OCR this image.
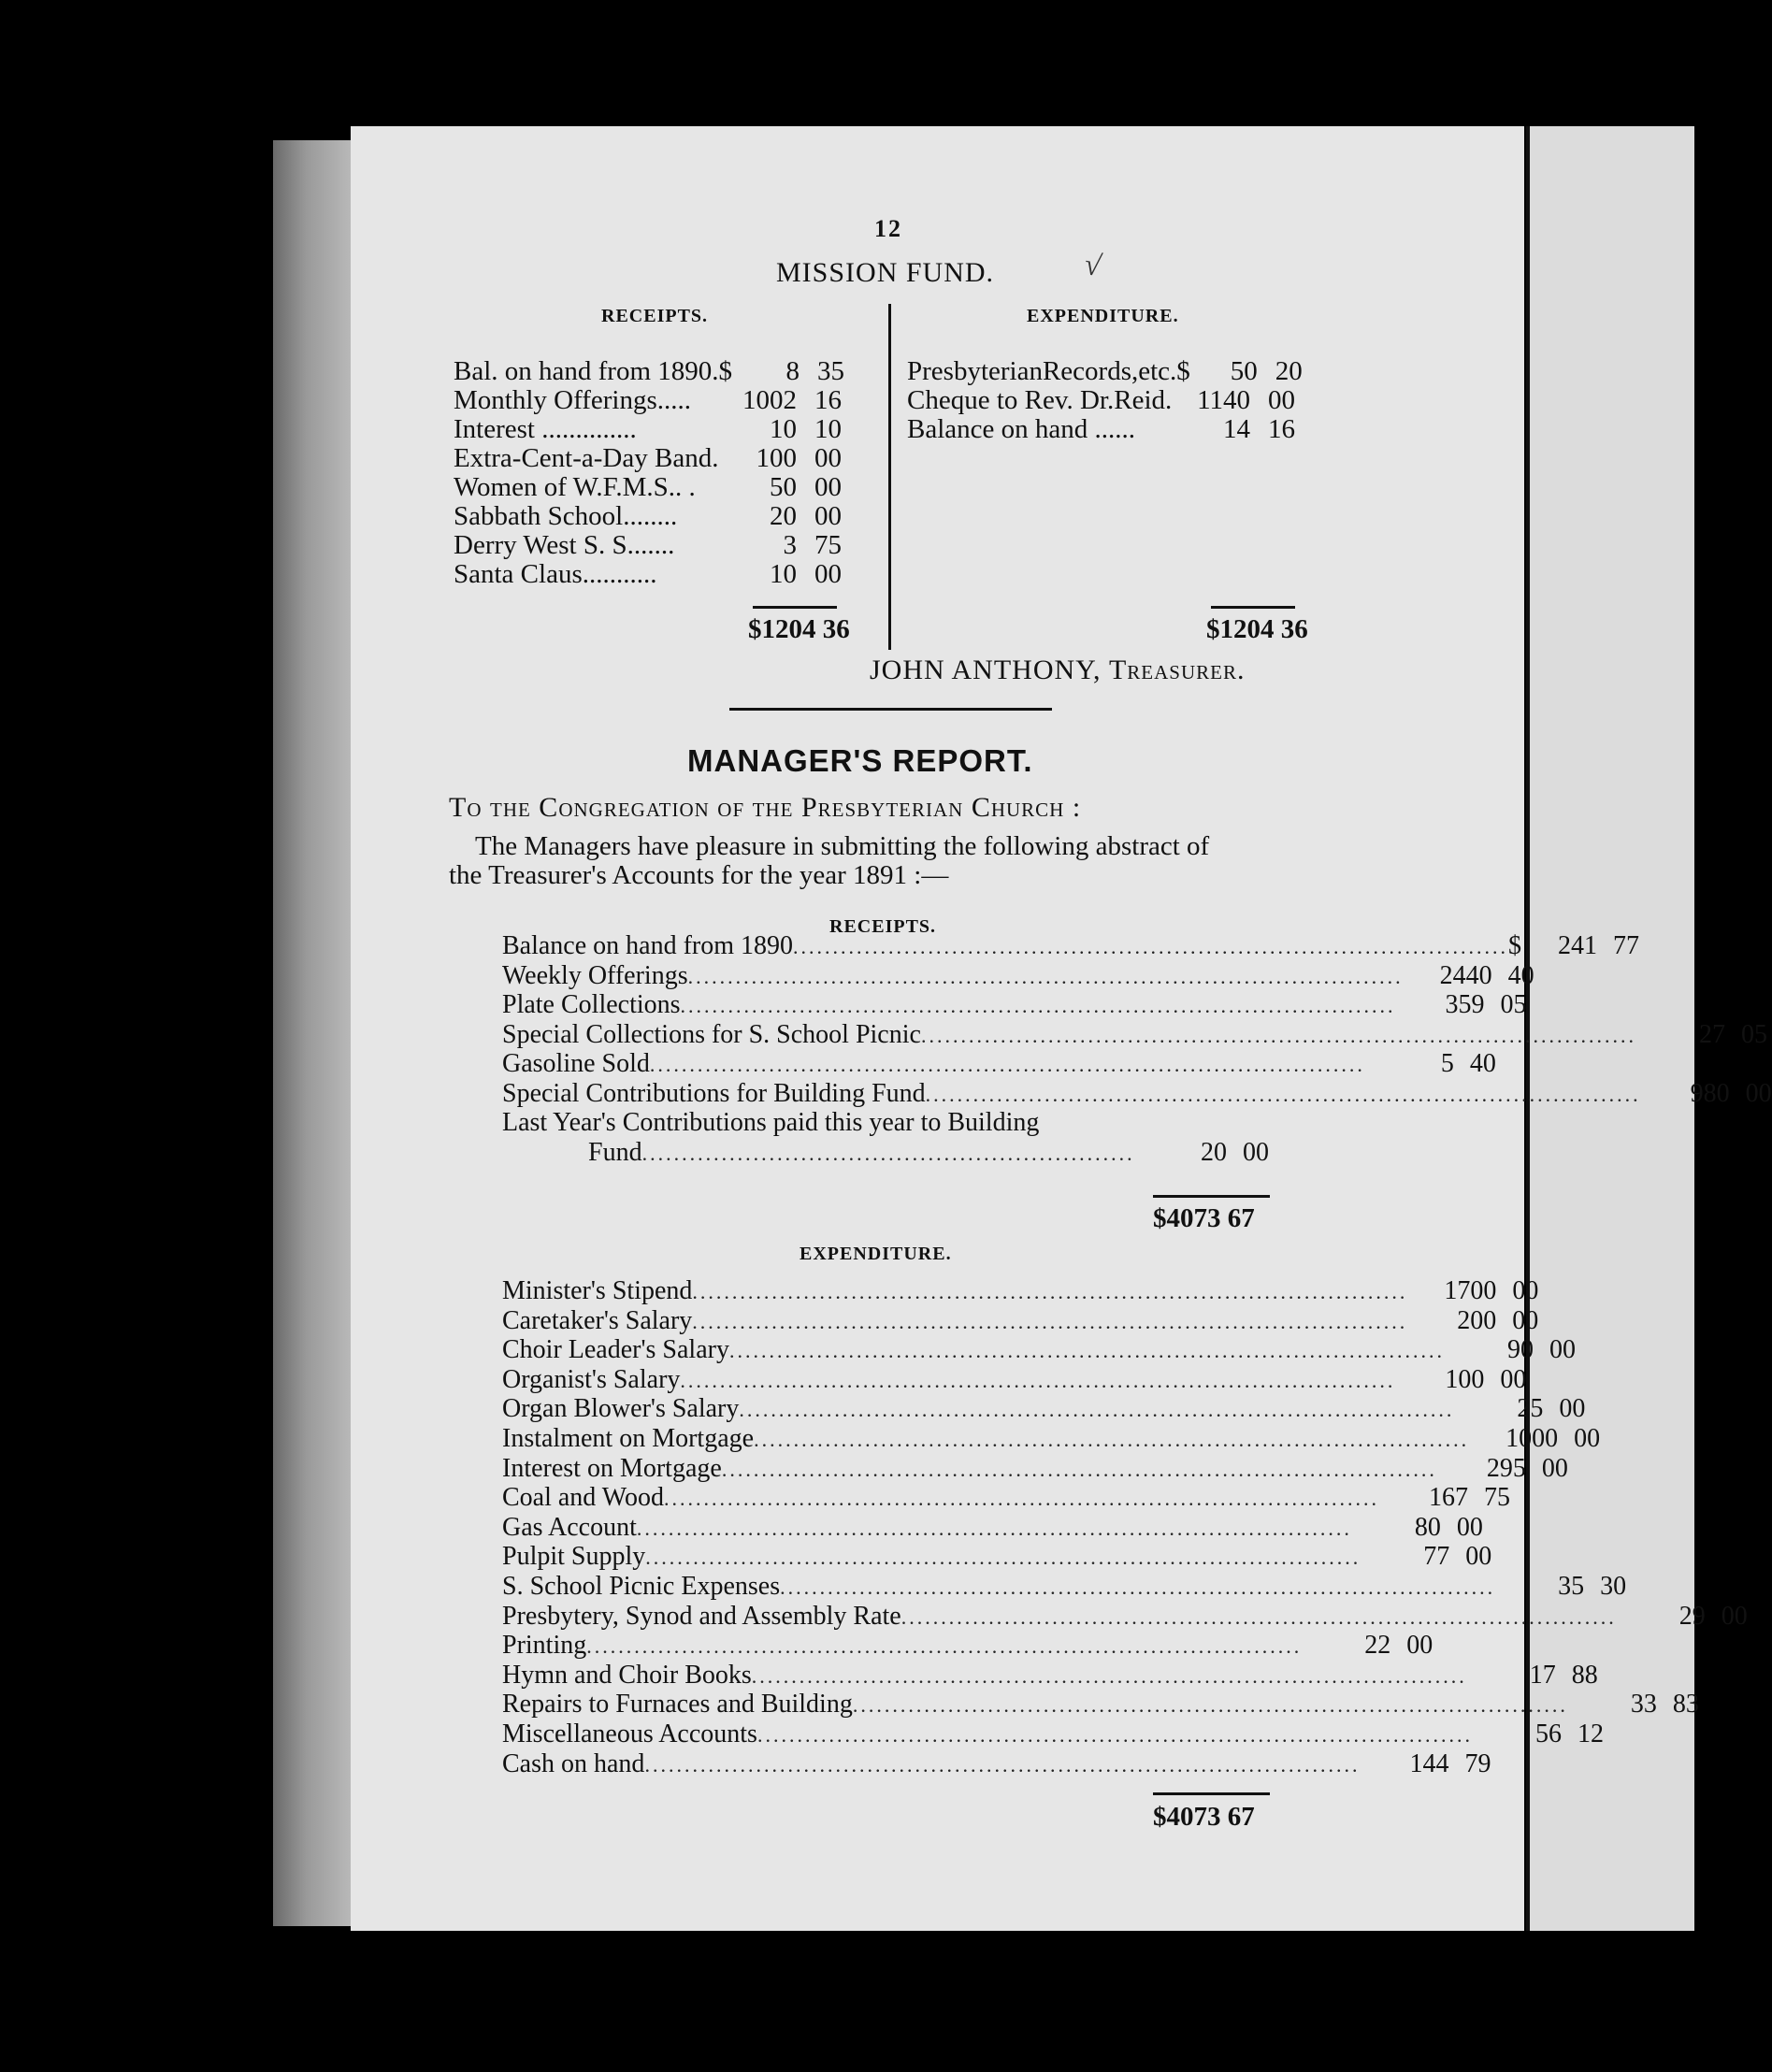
12
MISSION FUND.	√
RECEIPTS.	EXPENDITURE.
Bal. on hand from 1890.$	8 35
Monthly Offerings.....	1002 16
Interest ..............	10 10
Extra-Cent-a-Day Band.	100 00
Women of W.F.M.S.. .	50 00
Sabbath School........	20 00
Derry West S. S.......	3 75
Santa Claus...........	10 00
PresbyterianRecords,etc.$	50 20
Cheque to Rev. Dr.Reid. 1140 00
Balance on hand ......	14 16
$1204 36	$1204 36
JOHN ANTHONY, Treasurer.
MANAGER'S REPORT.
To the Congregation of the Presbyterian Church :
The Managers have pleasure in submitting the following abstract of
the Treasurer's Accounts for the year 1891 :—
RECEIPTS.
Balance on hand from 1890 .......................................................................................... $	241 77
Weekly Offerings ..........................................................................................	2440 40
Plate Collections ..........................................................................................	359 05
Special Collections for S. School Picnic ..........................................................................................	27 05
Gasoline Sold ..........................................................................................	5 40
Special Contributions for Building Fund ..........................................................................................	980 00
Last Year's Contributions paid this year to Building
Fund ..............................................................	20 00
$4073 67
EXPENDITURE.
Minister's Stipend ..........................................................................................	1700 00
Caretaker's Salary ..........................................................................................	200 00
Choir Leader's Salary ..........................................................................................	90 00
Organist's Salary ..........................................................................................	100 00
Organ Blower's Salary ..........................................................................................	25 00
Instalment on Mortgage ..........................................................................................	1000 00
Interest on Mortgage ..........................................................................................	295 00
Coal and Wood ..........................................................................................	167 75
Gas Account ..........................................................................................	80 00
Pulpit Supply ..........................................................................................	77 00
S. School Picnic Expenses ..........................................................................................	35 30
Presbytery, Synod and Assembly Rate ..........................................................................................	29 00
Printing ..........................................................................................	22 00
Hymn and Choir Books ..........................................................................................	17 88
Repairs to Furnaces and Building ..........................................................................................	33 83
Miscellaneous Accounts ..........................................................................................	56 12
Cash on hand ..........................................................................................	144 79
$4073 67
